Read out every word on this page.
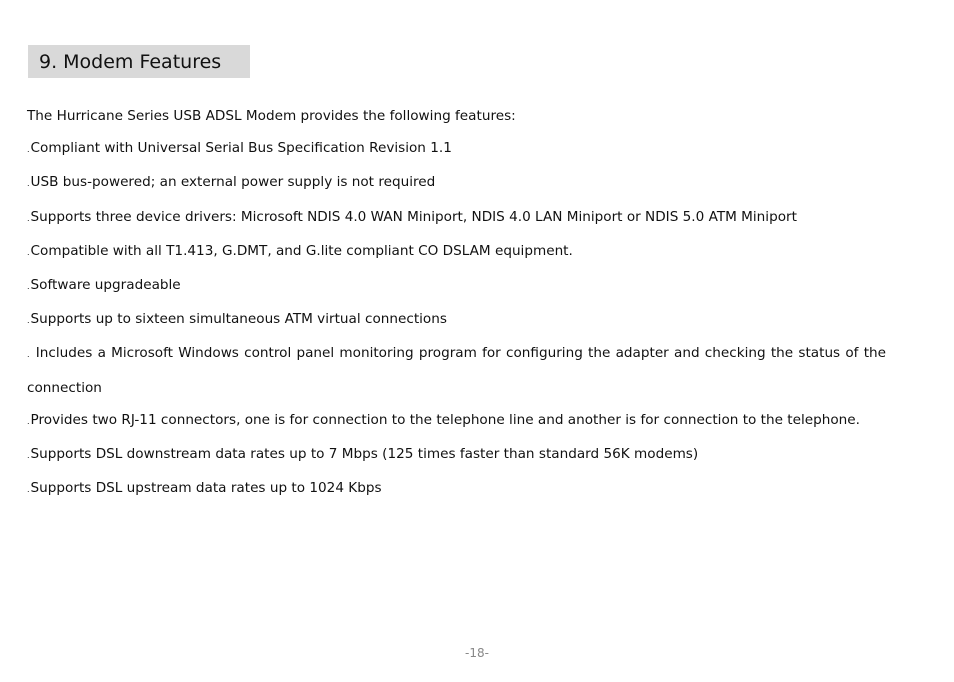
9. Modem Features

The Hurricane Series USB ADSL Modem provides the following features:

.Compliant with Universal Serial Bus Specification Revision 1.1
.USB bus-powered; an external power supply is not required
.Supports three device drivers: Microsoft NDIS 4.0 WAN Miniport, NDIS 4.0 LAN Miniport or NDIS 5.0 ATM Miniport
.Compatible with all T1.413, G.DMT, and G.lite compliant CO DSLAM equipment.
.Software upgradeable
.Supports up to sixteen simultaneous ATM virtual connections
. Includes a Microsoft Windows control panel monitoring program for configuring the adapter and checking the status of the connection
.Provides two RJ-11 connectors, one is for connection to the telephone line and another is for connection to the telephone.
.Supports DSL downstream data rates up to 7 Mbps (125 times faster than standard 56K modems)
.Supports DSL upstream data rates up to 1024 Kbps
-18-
